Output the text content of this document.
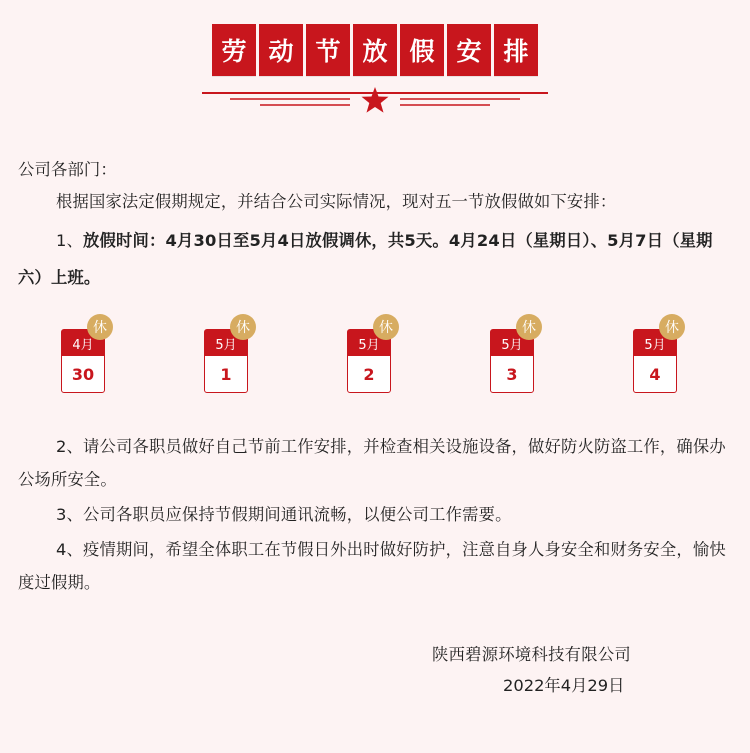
劳 动 节 放 假 安 排
公司各部门：
根据国家法定假期规定，并结合公司实际情况，现对五一节放假做如下安排：
1、放假时间：4月30日至5月4日放假调休，共5天。4月24日（星期日）、5月7日（星期六）上班。
4月
30
休
5月
1
休
5月
2
休
5月
3
休
5月
4
休
2、请公司各职员做好自己节前工作安排，并检查相关设施设备，做好防火防盗工作，确保办公场所安全。
3、公司各职员应保持节假期间通讯流畅，以便公司工作需要。
4、疫情期间，希望全体职工在节假日外出时做好防护，注意自身人身安全和财务安全，愉快度过假期。
陕西碧源环境科技有限公司
2022年4月29日
